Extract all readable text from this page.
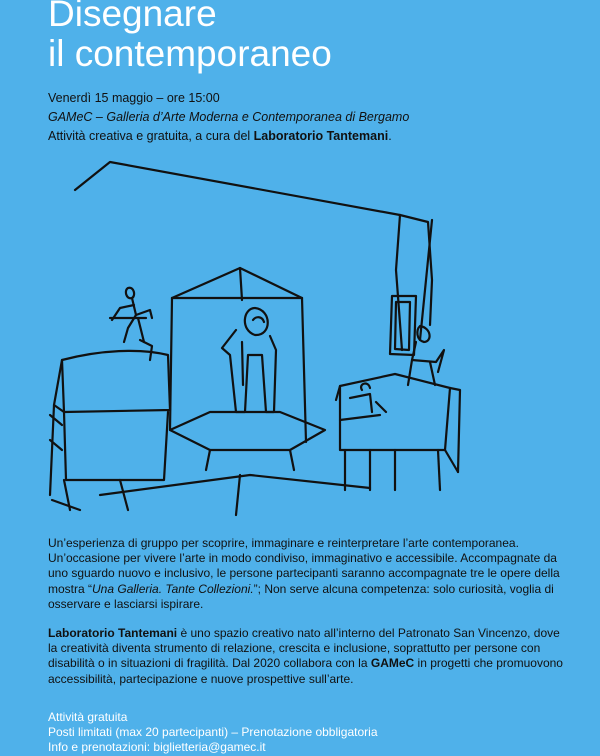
Disegnare
il contemporaneo
Venerdì 15 maggio – ore 15:00
GAMeC – Galleria d’Arte Moderna e Contemporanea di Bergamo
Attività creativa e gratuita, a cura del Laboratorio Tantemani.
Un’esperienza di gruppo per scoprire, immaginare e reinterpretare l’arte contemporanea. Un’occasione per vivere l’arte in modo condiviso, immaginativo e accessibile. Accompagnate da uno sguardo nuovo e inclusivo, le persone partecipanti saranno accompagnate tre le opere della mostra “Una Galleria. Tante Collezioni.”; Non serve alcuna competenza: solo curiosità, voglia di osservare e lasciarsi ispirare.
Laboratorio Tantemani è uno spazio creativo nato all’interno del Patronato San Vincenzo, dove la creatività diventa strumento di relazione, crescita e inclusione, soprattutto per persone con disabilità o in situazioni di fragilità. Dal 2020 collabora con la GAMeC in progetti che promuovono accessibilità, partecipazione e nuove prospettive sull’arte.
Attività gratuita
Posti limitati (max 20 partecipanti) – Prenotazione obbligatoria
Info e prenotazioni: biglietteria@gamec.it
